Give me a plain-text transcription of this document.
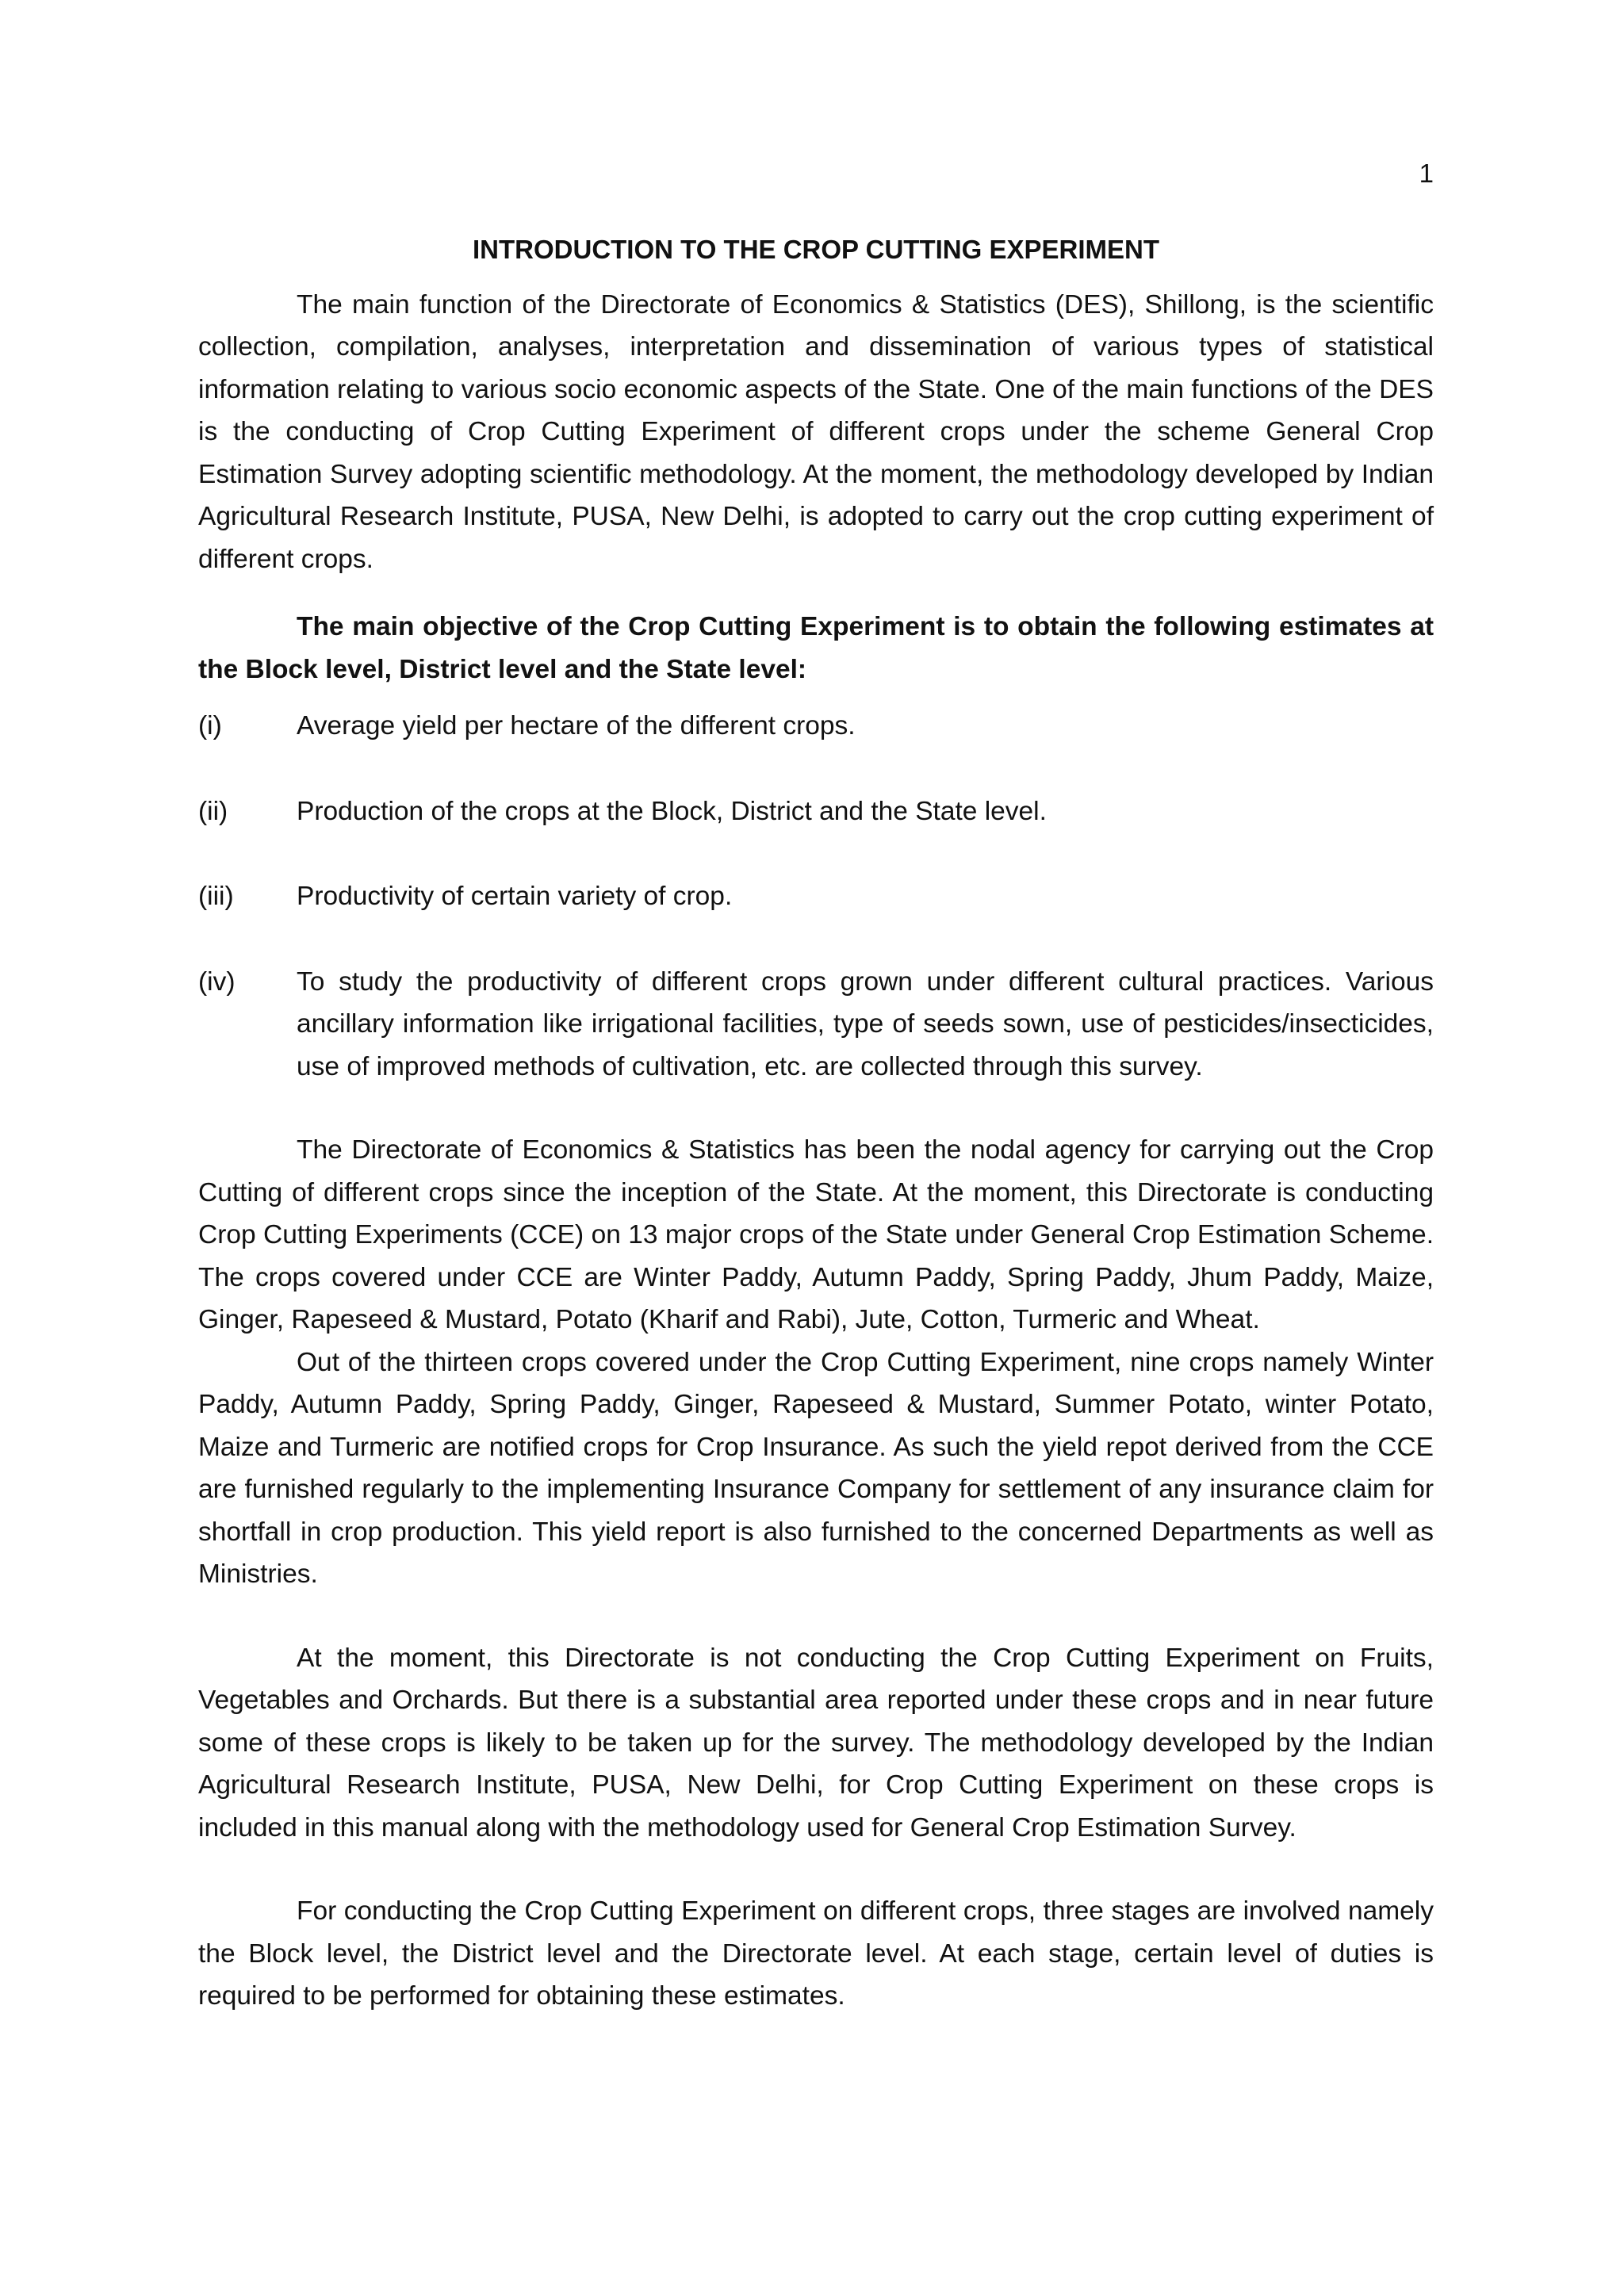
1
INTRODUCTION TO THE CROP CUTTING EXPERIMENT

The main function of the Directorate of Economics & Statistics (DES), Shillong, is the scientific collection, compilation, analyses, interpretation and dissemination of various types of statistical information relating to various socio economic aspects of the State. One of the main functions of the DES is the conducting of Crop Cutting Experiment of different crops under the scheme General Crop Estimation Survey adopting scientific methodology. At the moment, the methodology developed by Indian Agricultural Research Institute, PUSA, New Delhi, is adopted to carry out the crop cutting experiment of different crops.

The main objective of the Crop Cutting Experiment is to obtain the following estimates at the Block level, District level and the State level:

(i)	Average yield per hectare of the different crops.
(ii)	Production of the crops at the Block, District and the State level.
(iii)	Productivity of certain variety of crop.
(iv)	To study the productivity of different crops grown under different cultural practices. Various ancillary information like irrigational facilities, type of seeds sown, use of pesticides/insecticides, use of improved methods of cultivation, etc. are collected through this survey.

The Directorate of Economics & Statistics has been the nodal agency for carrying out the Crop Cutting of different crops since the inception of the State. At the moment, this Directorate is conducting Crop Cutting Experiments (CCE) on 13 major crops of the State under General Crop Estimation Scheme. The crops covered under CCE are Winter Paddy, Autumn Paddy, Spring Paddy, Jhum Paddy, Maize, Ginger, Rapeseed & Mustard, Potato (Kharif and Rabi), Jute, Cotton, Turmeric and Wheat.

Out of the thirteen crops covered under the Crop Cutting Experiment, nine crops namely Winter Paddy, Autumn Paddy, Spring Paddy, Ginger, Rapeseed & Mustard, Summer Potato, winter Potato, Maize and Turmeric are notified crops for Crop Insurance. As such the yield repot derived from the CCE are furnished regularly to the implementing Insurance Company for settlement of any insurance claim for shortfall in crop production. This yield report is also furnished to the concerned Departments as well as Ministries.

At the moment, this Directorate is not conducting the Crop Cutting Experiment on Fruits, Vegetables and Orchards. But there is a substantial area reported under these crops and in near future some of these crops is likely to be taken up for the survey. The methodology developed by the Indian Agricultural Research Institute, PUSA, New Delhi, for Crop Cutting Experiment on these crops is included in this manual along with the methodology used for General Crop Estimation Survey.

For conducting the Crop Cutting Experiment on different crops, three stages are involved namely the Block level, the District level and the Directorate level. At each stage, certain level of duties is required to be performed for obtaining these estimates.
